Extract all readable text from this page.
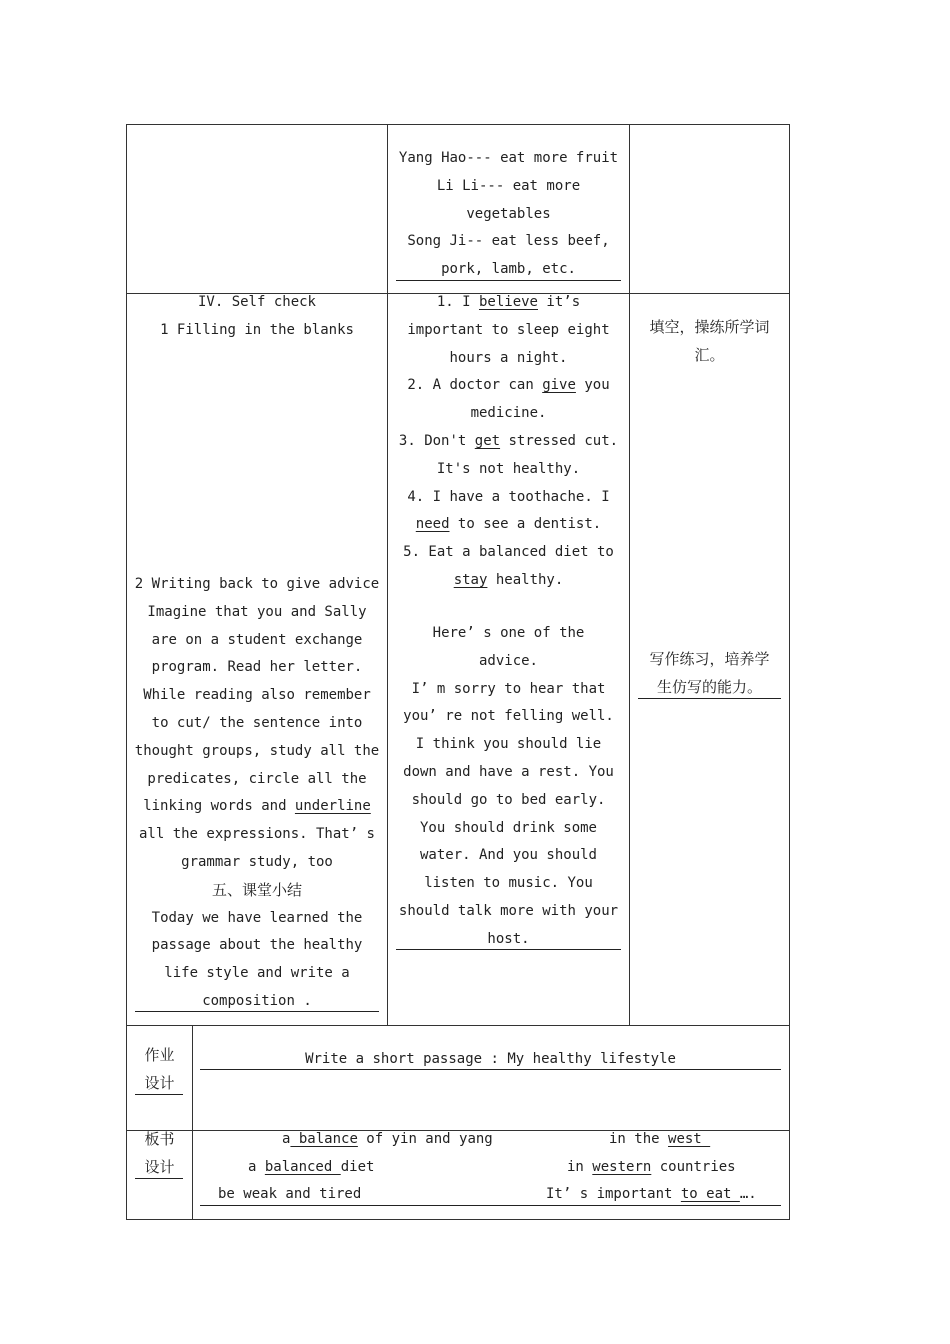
Yang Hao--- eat more fruit
Li Li--- eat more
vegetables
Song Ji-- eat less beef,
pork, lamb, etc.
IV. Self check
1 Filling in the blanks
2 Writing back to give advice
Imagine that you and Sally
are on a student exchange
program. Read her letter.
While reading also remember
to cut/ the sentence into
thought groups, study all the
predicates, circle all the
linking words and underline
all the expressions. That’ s
grammar study, too
五、课堂小结
Today we have learned the
passage about the healthy
life style and write a
composition .
1. I believe it’s
important to sleep eight
hours a night.
2. A doctor can give you
medicine.
3. Don't get stressed cut.
It's not healthy.
4. I have a toothache. I
need to see a dentist.
5. Eat a balanced diet to
stay healthy.
Here’ s one of the
advice.
I’ m sorry to hear that
you’ re not felling well.
I think you should lie
down and have a rest. You
should go to bed early.
You should drink some
water. And you should
listen to music. You
should talk more with your
host.
填空，操练所学词
汇。
写作练习，培养学
生仿写的能力。
作业
设计
Write a short passage : My healthy lifestyle
板书
设计
a balance of yin and yang
a balanced diet
be weak and tired
in the west
in western countries
It’ s important to eat ….
